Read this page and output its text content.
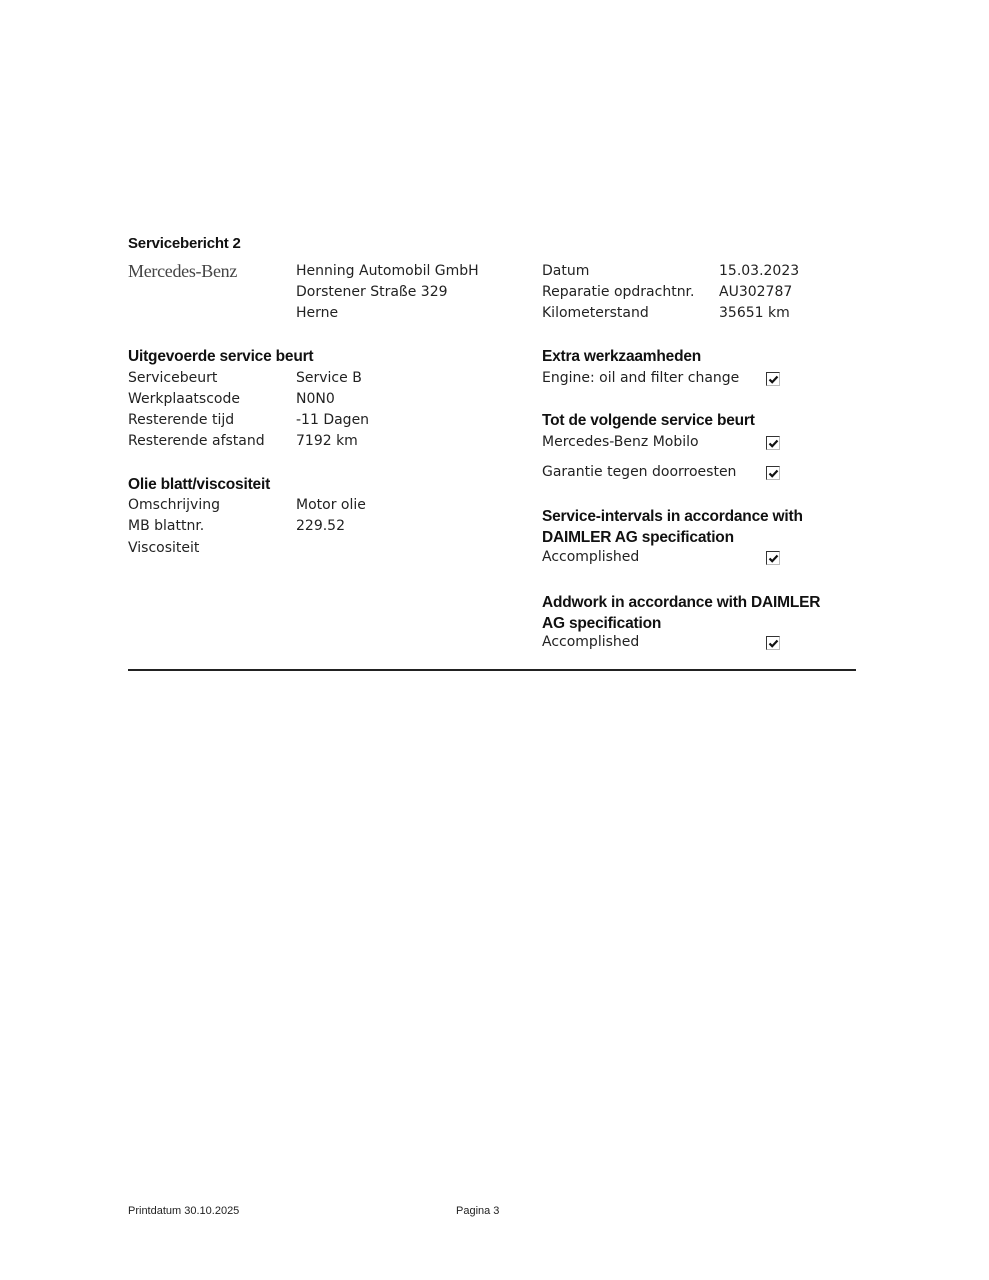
Servicebericht 2
Mercedes-Benz	Henning Automobil GmbH
Dorstener Straße 329
Herne
Datum	15.03.2023
Reparatie opdrachtnr. AU302787
Kilometerstand	35651 km
Uitgevoerde service beurt
Servicebeurt	Service B
Werkplaatscode	N0N0
Resterende tijd	-11 Dagen
Resterende afstand 7192 km
Olie blatt/viscositeit
Omschrijving	Motor olie
MB blattnr.	229.52
Viscositeit
Extra werkzaamheden
Engine: oil and filter change
Tot de volgende service beurt
Mercedes-Benz Mobilo
Garantie tegen doorroesten
Service-intervals in accordance with DAIMLER AG specification
Accomplished
Addwork in accordance with DAIMLER AG specification
Accomplished
Printdatum 30.10.2025	Pagina 3
